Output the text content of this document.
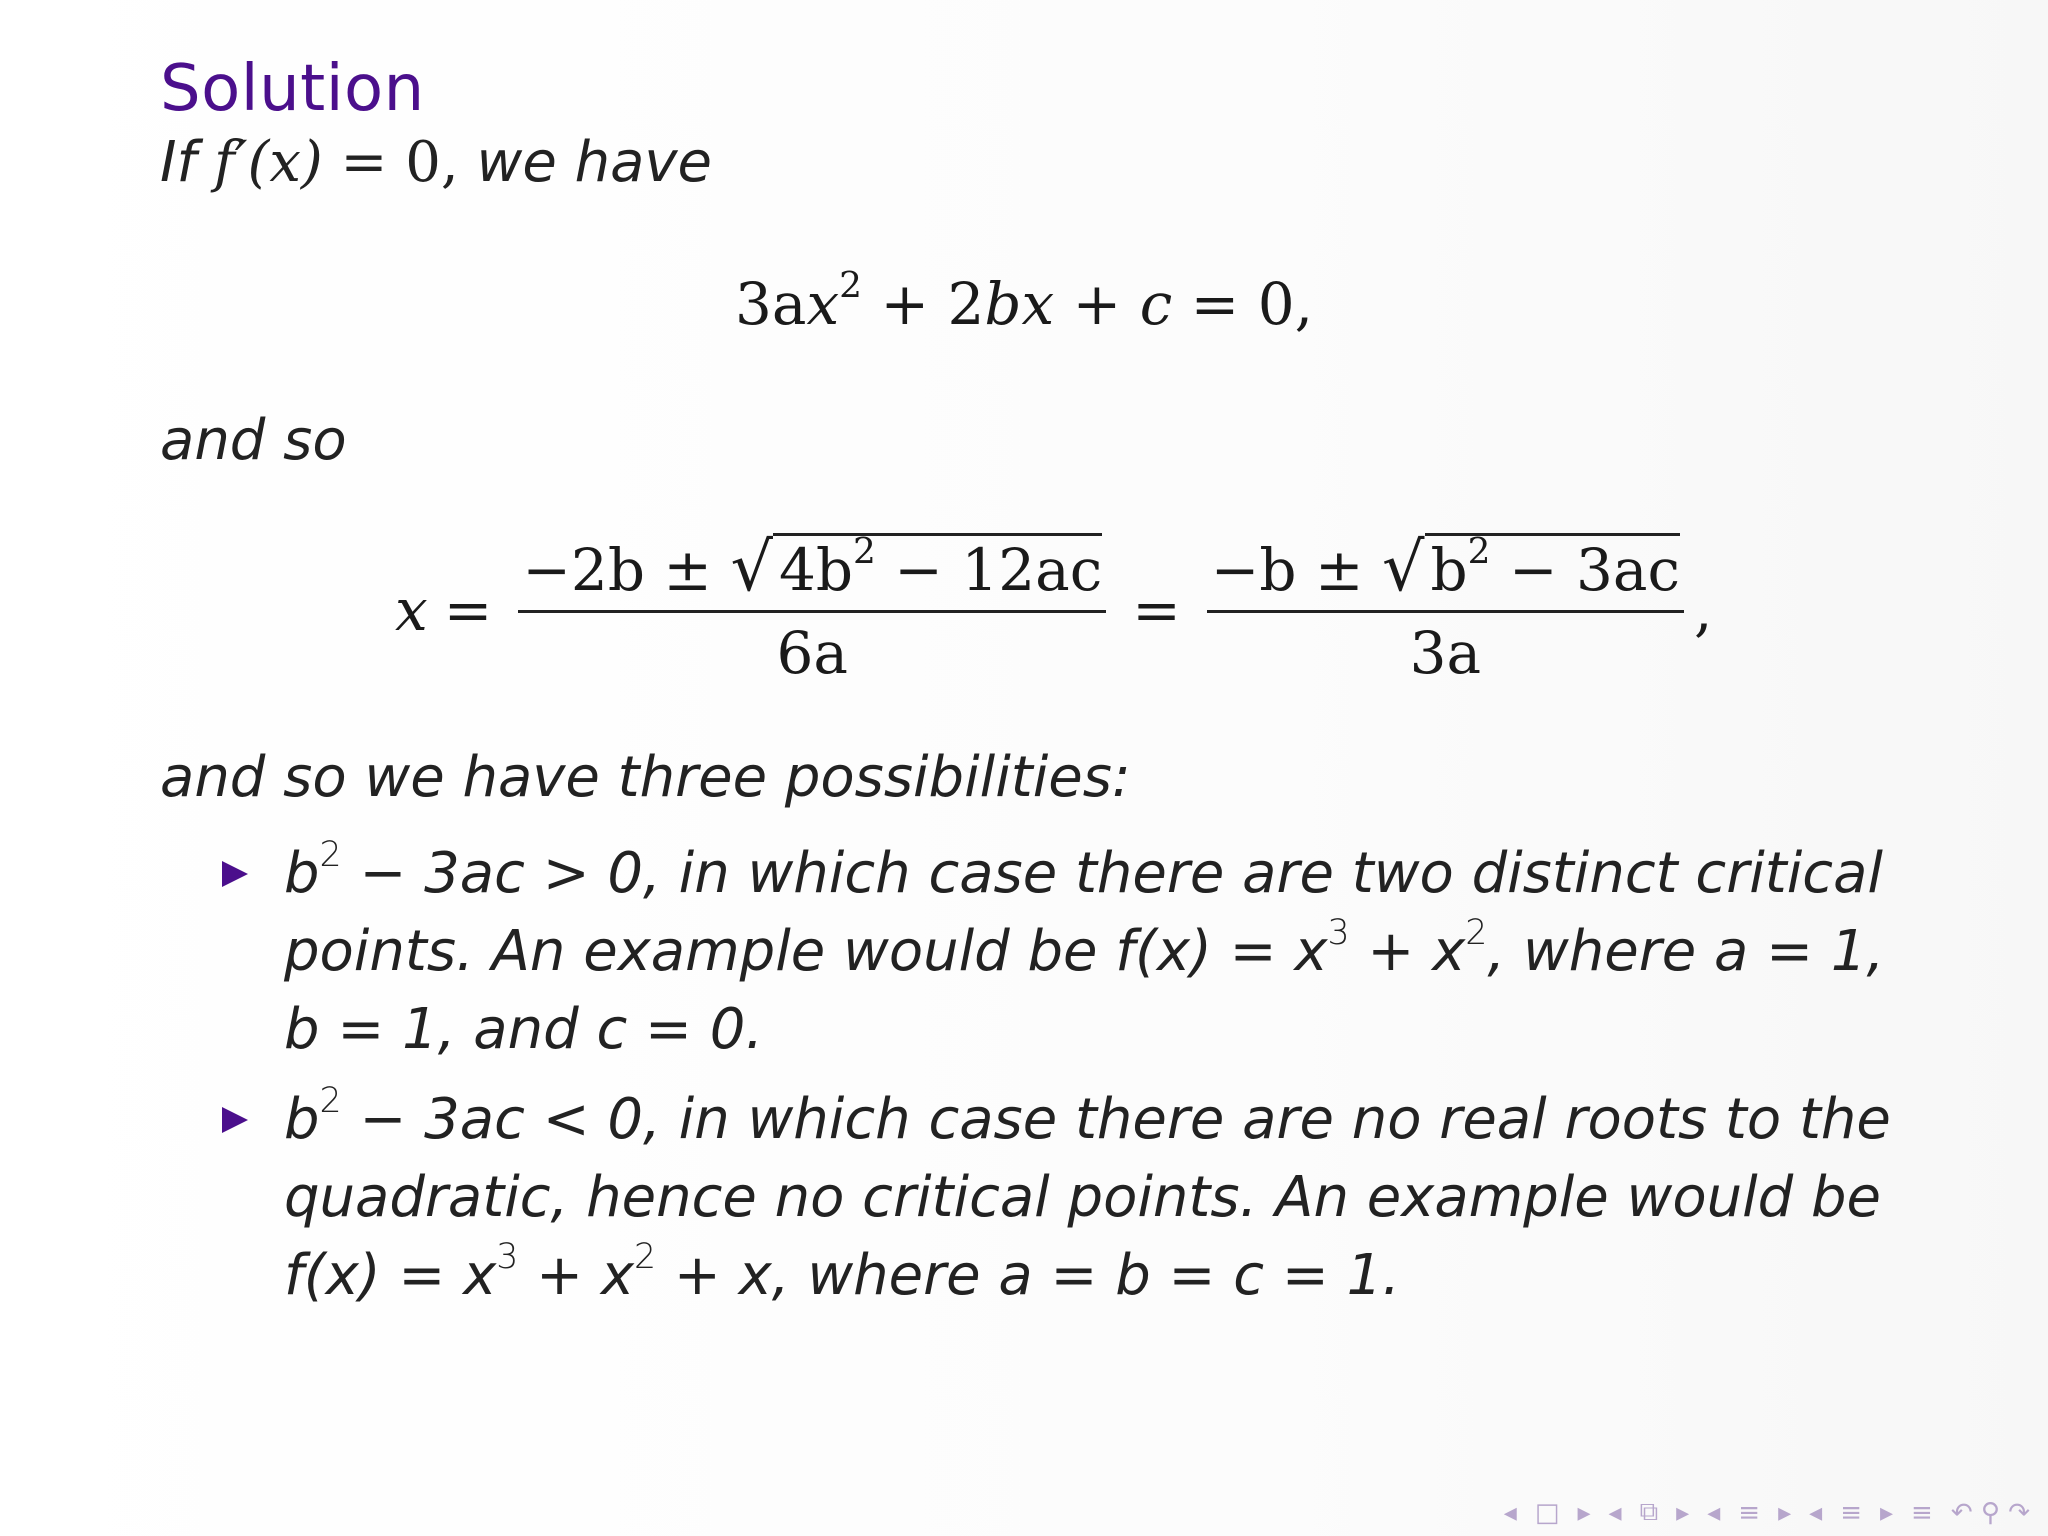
Solution
If f′(x) = 0, we have
$3ax^2 + 2bx + c = 0$,
and so
$x = \frac{-2b \pm √ 4b^2 - 12ac}{6a} = \frac{-b \pm √ b^2 - 3ac}{3a}$ ,
and so we have three possibilities:
$b^2 - 3ac > 0$, in which case there are two distinct critical
points. An example would be $f(x) = x^3 + x^2$, where a = 1,
b = 1, and c = 0.
$b^2 - 3ac < 0$, in which case there are no real roots to the
quadratic, hence no critical points. An example would be
$f(x) = x^3 + x^2 + x$, where a = b = c = 1.
◂ □ ▸ ◂ ⧉ ▸ ◂ ≡ ▸ ◂ ≡ ▸ ≡ ↶ ⚲ ↷
